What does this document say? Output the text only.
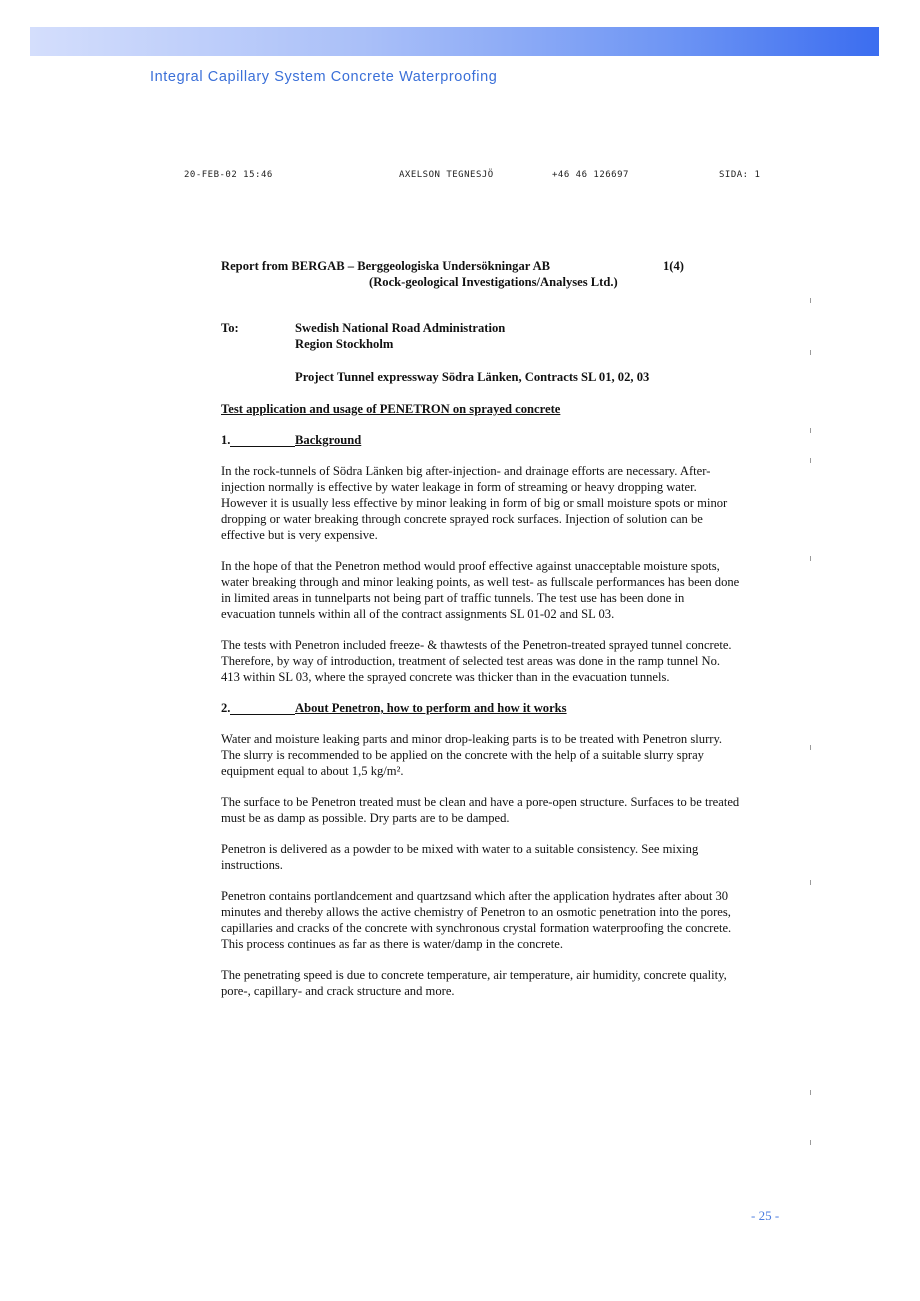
Integral Capillary System Concrete Waterproofing
20-FEB-02 15:46	AXELSON TEGNESJÖ	+46 46 126697	SIDA: 1
Report from BERGAB – Berggeologiska Undersökningar AB	1(4)
(Rock-geological Investigations/Analyses Ltd.)
To:	Swedish National Road Administration
Region Stockholm
Project Tunnel expressway Södra Länken, Contracts SL 01, 02, 03
Test application and usage of PENETRON on sprayed concrete
1.	Background

In the rock-tunnels of Södra Länken big after-injection- and drainage efforts are necessary. After-injection normally is effective by water leakage in form of streaming or heavy dropping water. However it is usually less effective by minor leaking in form of big or small moisture spots or minor dropping or water breaking through concrete sprayed rock surfaces. Injection of solution can be effective but is very expensive.

In the hope of that the Penetron method would proof effective against unacceptable moisture spots, water breaking through and minor leaking points, as well test- as fullscale performances has been done in limited areas in tunnelparts not being part of traffic tunnels. The test use has been done in evacuation tunnels within all of the contract assignments SL 01-02 and SL 03.

The tests with Penetron included freeze- & thawtests of the Penetron-treated sprayed tunnel concrete. Therefore, by way of introduction, treatment of selected test areas was done in the ramp tunnel No. 413 within SL 03, where the sprayed concrete was thicker than in the evacuation tunnels.

2.	About Penetron, how to perform and how it works

Water and moisture leaking parts and minor drop-leaking parts is to be treated with Penetron slurry. The slurry is recommended to be applied on the concrete with the help of a suitable slurry spray equipment equal to about 1,5 kg/m².

The surface to be Penetron treated must be clean and have a pore-open structure. Surfaces to be treated must be as damp as possible. Dry parts are to be damped.

Penetron is delivered as a powder to be mixed with water to a suitable consistency. See mixing instructions.

Penetron contains portlandcement and quartzsand which after the application hydrates after about 30 minutes and thereby allows the active chemistry of Penetron to an osmotic penetration into the pores, capillaries and cracks of the concrete with synchronous crystal formation waterproofing the concrete. This process continues as far as there is water/damp in the concrete.

The penetrating speed is due to concrete temperature, air temperature, air humidity, concrete quality, pore-, capillary- and crack structure and more.

- 25 -
